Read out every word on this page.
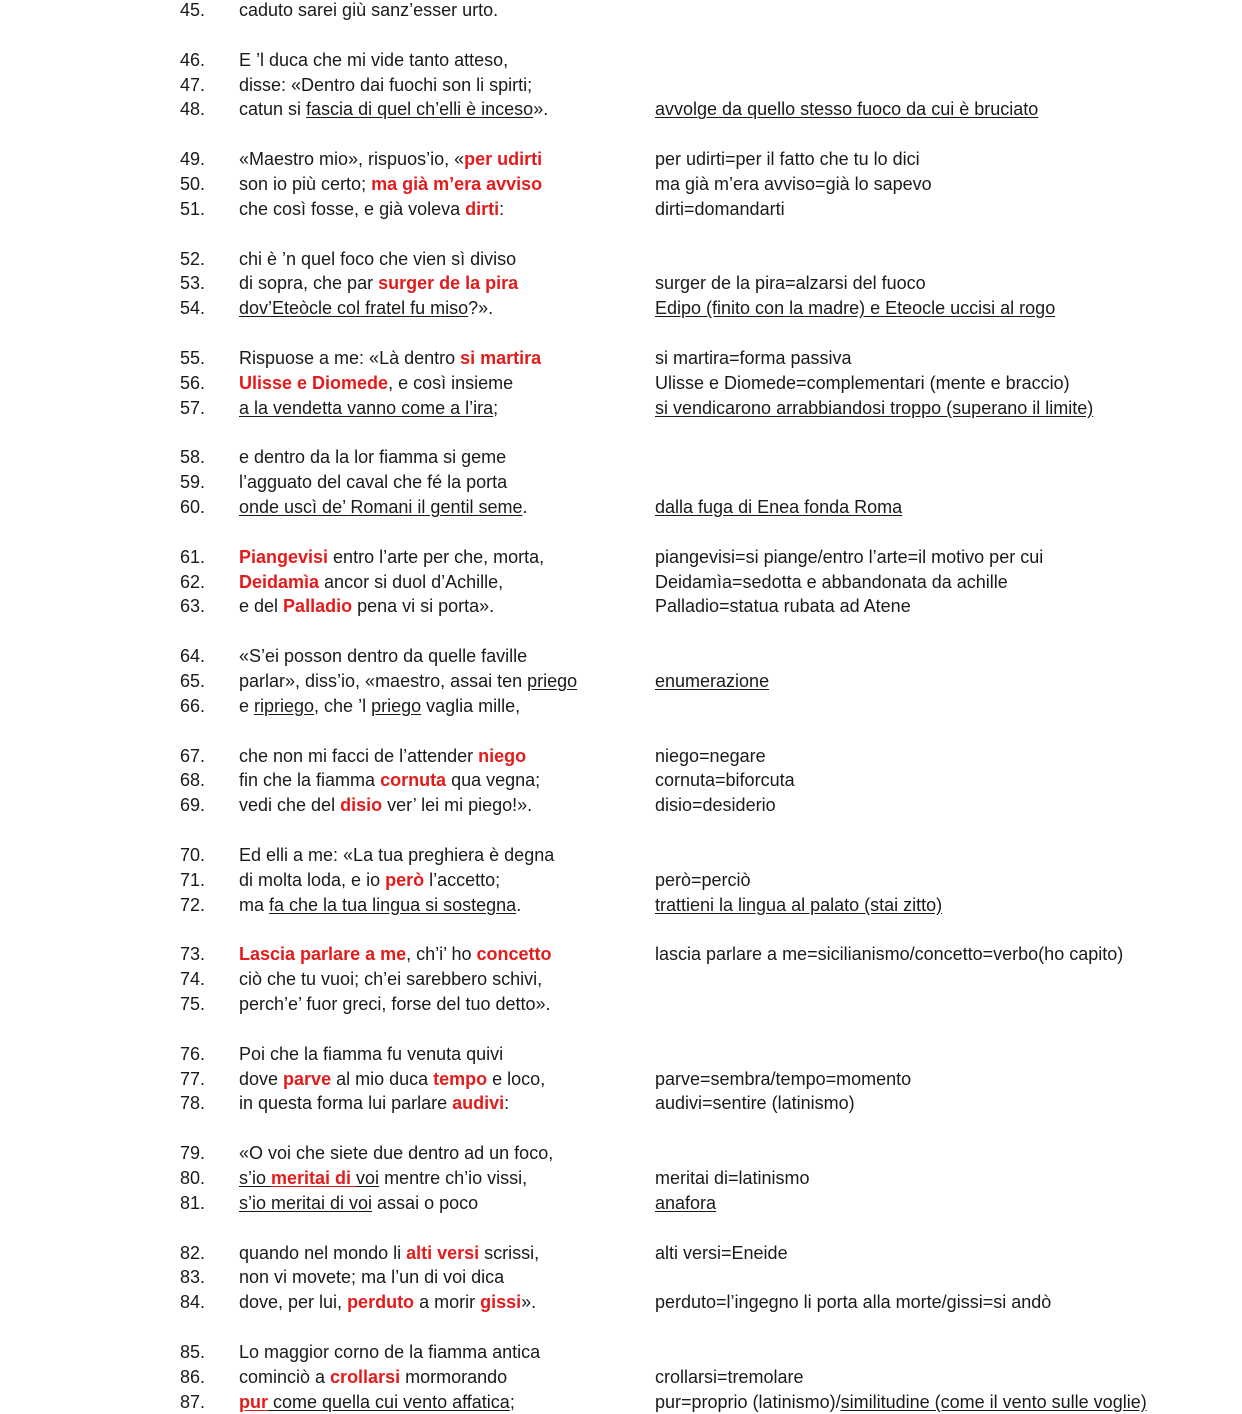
45. caduto sarei giù sanz’esser urto.
46. E ’l duca che mi vide tanto atteso,
47. disse: «Dentro dai fuochi son li spirti;
48. catun si fascia di quel ch’elli è inceso».	avvolge da quello stesso fuoco da cui è bruciato
49. «Maestro mio», rispuos’io, «per udirti	per udirti=per il fatto che tu lo dici
50. son io più certo; ma già m’era avviso	ma già m’era avviso=già lo sapevo
51. che così fosse, e già voleva dirti:	dirti=domandarti
52. chi è ’n quel foco che vien sì diviso
53. di sopra, che par surger de la pira	surger de la pira=alzarsi del fuoco
54. dov’Eteòcle col fratel fu miso?».	Edipo (finito con la madre) e Eteocle uccisi al rogo
55. Rispuose a me: «Là dentro si martira	si martira=forma passiva
56. Ulisse e Diomede, e così insieme	Ulisse e Diomede=complementari (mente e braccio)
57. a la vendetta vanno come a l’ira;	si vendicarono arrabbiandosi troppo (superano il limite)
58. e dentro da la lor fiamma si geme
59. l’agguato del caval che fé la porta
60. onde uscì de’ Romani il gentil seme.	dalla fuga di Enea fonda Roma
61. Piangevisi entro l’arte per che, morta,	piangevisi=si piange/entro l’arte=il motivo per cui
62. Deidamìa ancor si duol d’Achille,	Deidamìa=sedotta e abbandonata da achille
63. e del Palladio pena vi si porta».	Palladio=statua rubata ad Atene
64. «S’ei posson dentro da quelle faville
65. parlar», diss’io, «maestro, assai ten priego	enumerazione
66. e ripriego, che ’l priego vaglia mille,
67. che non mi facci de l’attender niego	niego=negare
68. fin che la fiamma cornuta qua vegna;	cornuta=biforcuta
69. vedi che del disio ver’ lei mi piego!».	disio=desiderio
70. Ed elli a me: «La tua preghiera è degna
71. di molta loda, e io però l’accetto;	però=perciò
72. ma fa che la tua lingua si sostegna.	trattieni la lingua al palato (stai zitto)
73. Lascia parlare a me, ch’i’ ho concetto	lascia parlare a me=sicilianismo/concetto=verbo(ho capito)
74. ciò che tu vuoi; ch’ei sarebbero schivi,
75. perch’e’ fuor greci, forse del tuo detto».
76. Poi che la fiamma fu venuta quivi
77. dove parve al mio duca tempo e loco,	parve=sembra/tempo=momento
78. in questa forma lui parlare audivi:	audivi=sentire (latinismo)
79. «O voi che siete due dentro ad un foco,
80. s’io meritai di voi mentre ch’io vissi,	meritai di=latinismo
81. s’io meritai di voi assai o poco	anafora
82. quando nel mondo li alti versi scrissi,	alti versi=Eneide
83. non vi movete; ma l’un di voi dica
84. dove, per lui, perduto a morir gissi».	perduto=l’ingegno li porta alla morte/gissi=si andò
85. Lo maggior corno de la fiamma antica
86. cominciò a crollarsi mormorando	crollarsi=tremolare
87. pur come quella cui vento affatica;	pur=proprio (latinismo)/similitudine (come il vento sulle voglie)
